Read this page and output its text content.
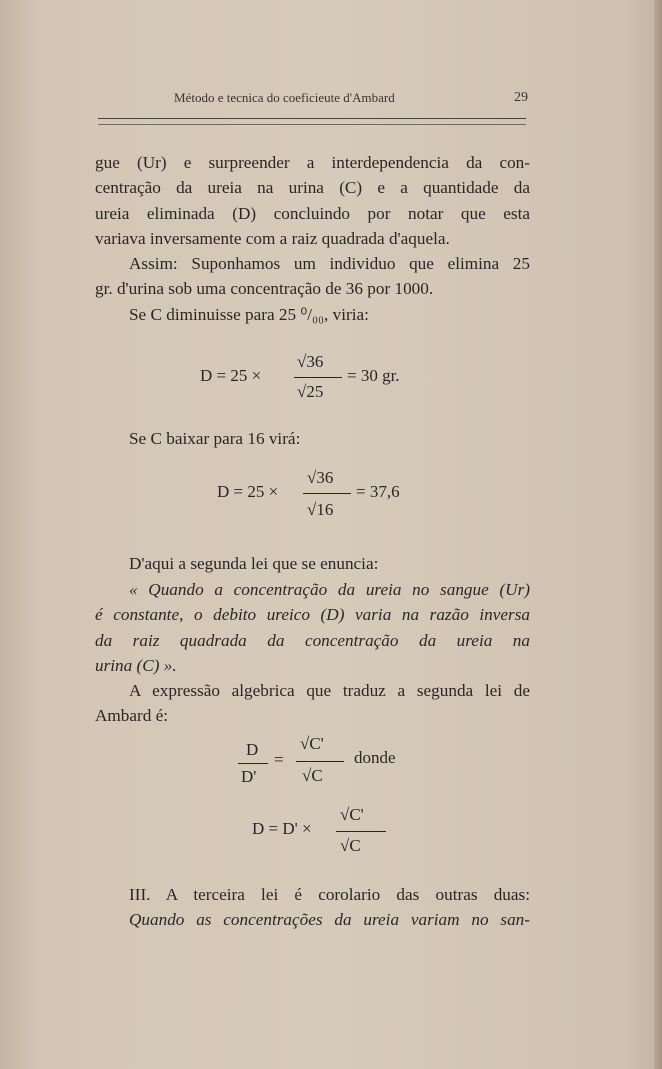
Método e tecnica do coeficieute d'Ambard	29

gue (Ur) e surpreender a interdependencia da con-

centração da ureia na urina (C) e a quantidade da

ureia eliminada (D) concluindo por notar que esta

variava inversamente com a raiz quadrada d'aquela.

Assim: Suponhamos um individuo que elimina 25

gr. d'urina sob uma concentração de 36 por 1000.

Se C diminuisse para 25 ⁰/₀₀, viria:

D = 25 ×
√36
√25
= 30 gr.

Se C baixar para 16 virá:

D = 25 ×
√36
√16
= 37,6

D'aqui a segunda lei que se enuncia:

« Quando a concentração da ureia no sangue (Ur)

é constante, o debito ureico (D) varia na razão inversa

da raiz quadrada da concentração da ureia na

urina (C) ».

A expressão algebrica que traduz a segunda lei de

Ambard é:

D
D'
=
√C'
√C
donde
D = D' ×
√C'
√C

III. A terceira lei é corolario das outras duas:

Quando as concentrações da ureia variam no san-
